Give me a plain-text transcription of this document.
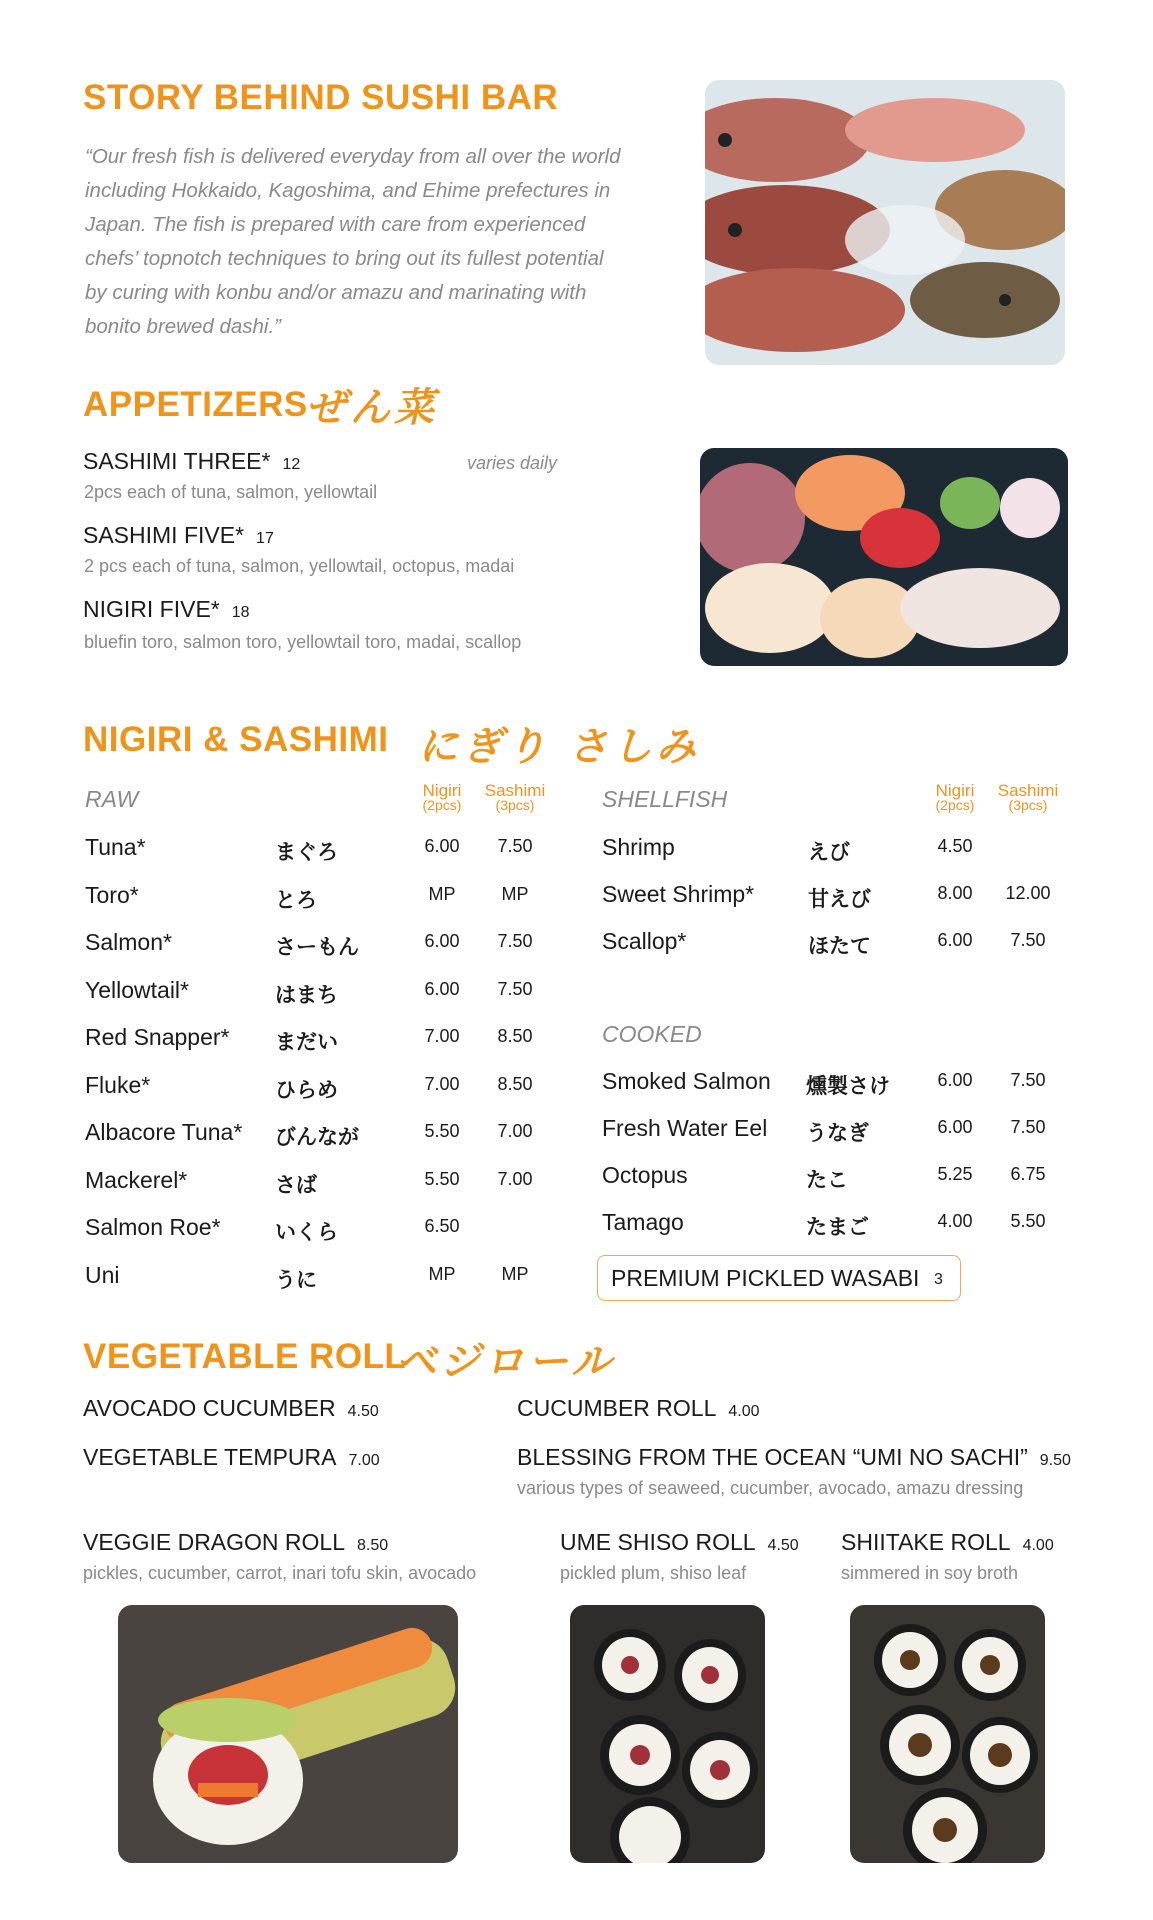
STORY BEHIND SUSHI BAR
“Our fresh fish is delivered everyday from all over the world including Hokkaido, Kagoshima, and Ehime prefectures in Japan. The fish is prepared with care from experienced chefs’ topnotch techniques to bring out its fullest potential by curing with konbu and/or amazu and marinating with bonito brewed dashi.”
APPETIZERS
ぜん菜
varies daily
SASHIMI THREE* 12
2pcs each of tuna, salmon, yellowtail
SASHIMI FIVE* 17
2 pcs each of tuna, salmon, yellowtail, octopus, madai
NIGIRI FIVE* 18
bluefin toro, salmon toro, yellowtail toro, madai, scallop
NIGIRI & SASHIMI にぎり さしみ
RAW	Nigiri
(2pcs)
Sashimi
(3pcs)
Tuna*	まぐろ	6.00	7.50
Toro*	とろ	MP	MP
Salmon*	さーもん	6.00	7.50
Yellowtail*	はまち	6.00	7.50
Red Snapper* まだい	7.00	8.50
Fluke*	ひらめ	7.00	8.50
Albacore Tuna* びんなが	5.50	7.00
Mackerel*	さば	5.50	7.00
Salmon Roe*	いくら	6.50
Uni	うに	MP	MP
SHELLFISH	Nigiri
(2pcs)
Sashimi
(3pcs)
Shrimp	えび	4.50
Sweet Shrimp*	甘えび	8.00	12.00
Scallop*	ほたて	6.00	7.50
COOKED
Smoked Salmon 燻製さけ	6.00	7.50
Fresh Water Eel うなぎ	6.00	7.50
Octopus	たこ	5.25	6.75
Tamago	たまご	4.00	5.50
PREMIUM PICKLED WASABI 3
VEGETABLE ROLL
ベジロール
AVOCADO CUCUMBER 4.50
VEGETABLE TEMPURA 7.00
CUCUMBER ROLL 4.00
BLESSING FROM THE OCEAN “UMI NO SACHI” 9.50
various types of seaweed, cucumber, avocado, amazu dressing
VEGGIE DRAGON ROLL 8.50
pickles, cucumber, carrot, inari tofu skin, avocado
UME SHISO ROLL 4.50
pickled plum, shiso leaf
SHIITAKE ROLL 4.00
simmered in soy broth
